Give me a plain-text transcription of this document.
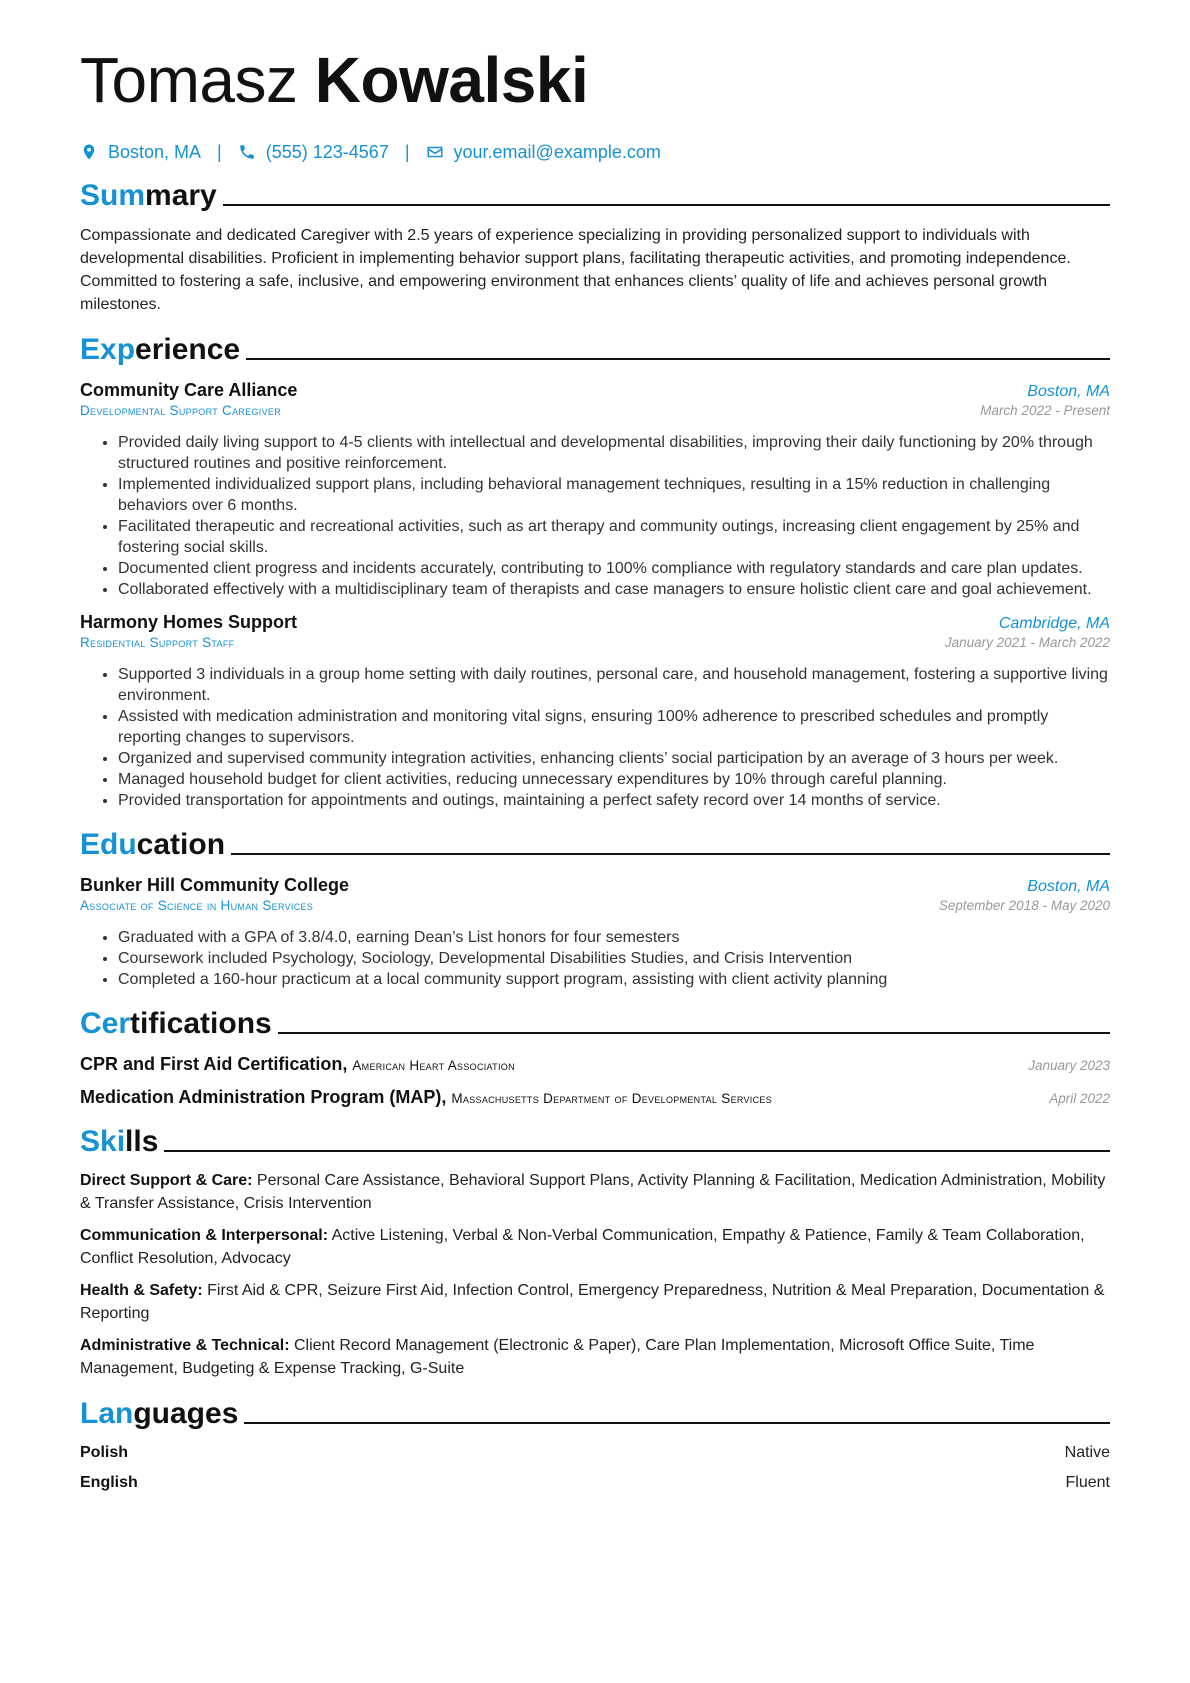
Tomasz Kowalski
Boston, MA | (555) 123-4567 | your.email@example.com
Summary
Compassionate and dedicated Caregiver with 2.5 years of experience specializing in providing personalized support to individuals with developmental disabilities. Proficient in implementing behavior support plans, facilitating therapeutic activities, and promoting independence. Committed to fostering a safe, inclusive, and empowering environment that enhances clients’ quality of life and achieves personal growth milestones.
Experience
Community Care Alliance	Boston, MA
Developmental Support Caregiver	March 2022 - Present
• Provided daily living support to 4-5 clients with intellectual and developmental disabilities, improving their daily functioning by 20% through structured routines and positive reinforcement.
• Implemented individualized support plans, including behavioral management techniques, resulting in a 15% reduction in challenging behaviors over 6 months.
• Facilitated therapeutic and recreational activities, such as art therapy and community outings, increasing client engagement by 25% and fostering social skills.
• Documented client progress and incidents accurately, contributing to 100% compliance with regulatory standards and care plan updates.
• Collaborated effectively with a multidisciplinary team of therapists and case managers to ensure holistic client care and goal achievement.
Harmony Homes Support	Cambridge, MA
Residential Support Staff	January 2021 - March 2022
• Supported 3 individuals in a group home setting with daily routines, personal care, and household management, fostering a supportive living environment.
• Assisted with medication administration and monitoring vital signs, ensuring 100% adherence to prescribed schedules and promptly reporting changes to supervisors.
• Organized and supervised community integration activities, enhancing clients’ social participation by an average of 3 hours per week.
• Managed household budget for client activities, reducing unnecessary expenditures by 10% through careful planning.
• Provided transportation for appointments and outings, maintaining a perfect safety record over 14 months of service.
Education
Bunker Hill Community College	Boston, MA
Associate of Science in Human Services	September 2018 - May 2020
• Graduated with a GPA of 3.8/4.0, earning Dean’s List honors for four semesters
• Coursework included Psychology, Sociology, Developmental Disabilities Studies, and Crisis Intervention
• Completed a 160-hour practicum at a local community support program, assisting with client activity planning
Certifications
CPR and First Aid Certification, American Heart Association	January 2023
Medication Administration Program (MAP), Massachusetts Department of Developmental Services	April 2022
Skills
Direct Support & Care: Personal Care Assistance, Behavioral Support Plans, Activity Planning & Facilitation, Medication Administration, Mobility & Transfer Assistance, Crisis Intervention
Communication & Interpersonal: Active Listening, Verbal & Non-Verbal Communication, Empathy & Patience, Family & Team Collaboration, Conflict Resolution, Advocacy
Health & Safety: First Aid & CPR, Seizure First Aid, Infection Control, Emergency Preparedness, Nutrition & Meal Preparation, Documentation & Reporting
Administrative & Technical: Client Record Management (Electronic & Paper), Care Plan Implementation, Microsoft Office Suite, Time Management, Budgeting & Expense Tracking, G-Suite
Languages
Polish	Native
English	Fluent
